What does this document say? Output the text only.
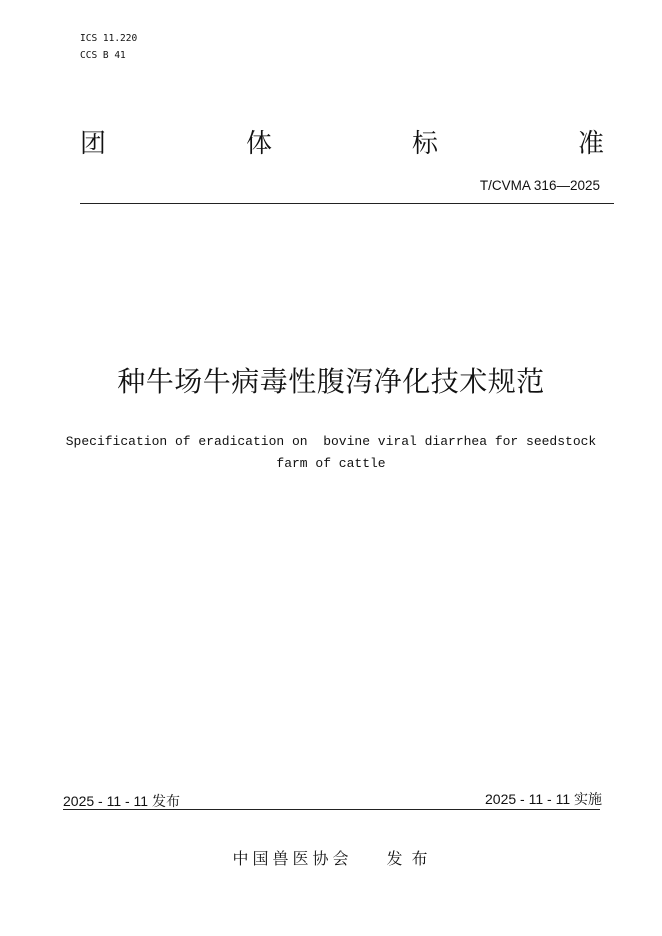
ICS 11.220
CCS B 41
团	体	标	准
T/CVMA 316—2025
种牛场牛病毒性腹泻净化技术规范
Specification of eradication on  bovine viral diarrhea for seedstock
farm of cattle
2025 - 11 - 11 发布	2025 - 11 - 11 实施
中国兽医协会 发 布
